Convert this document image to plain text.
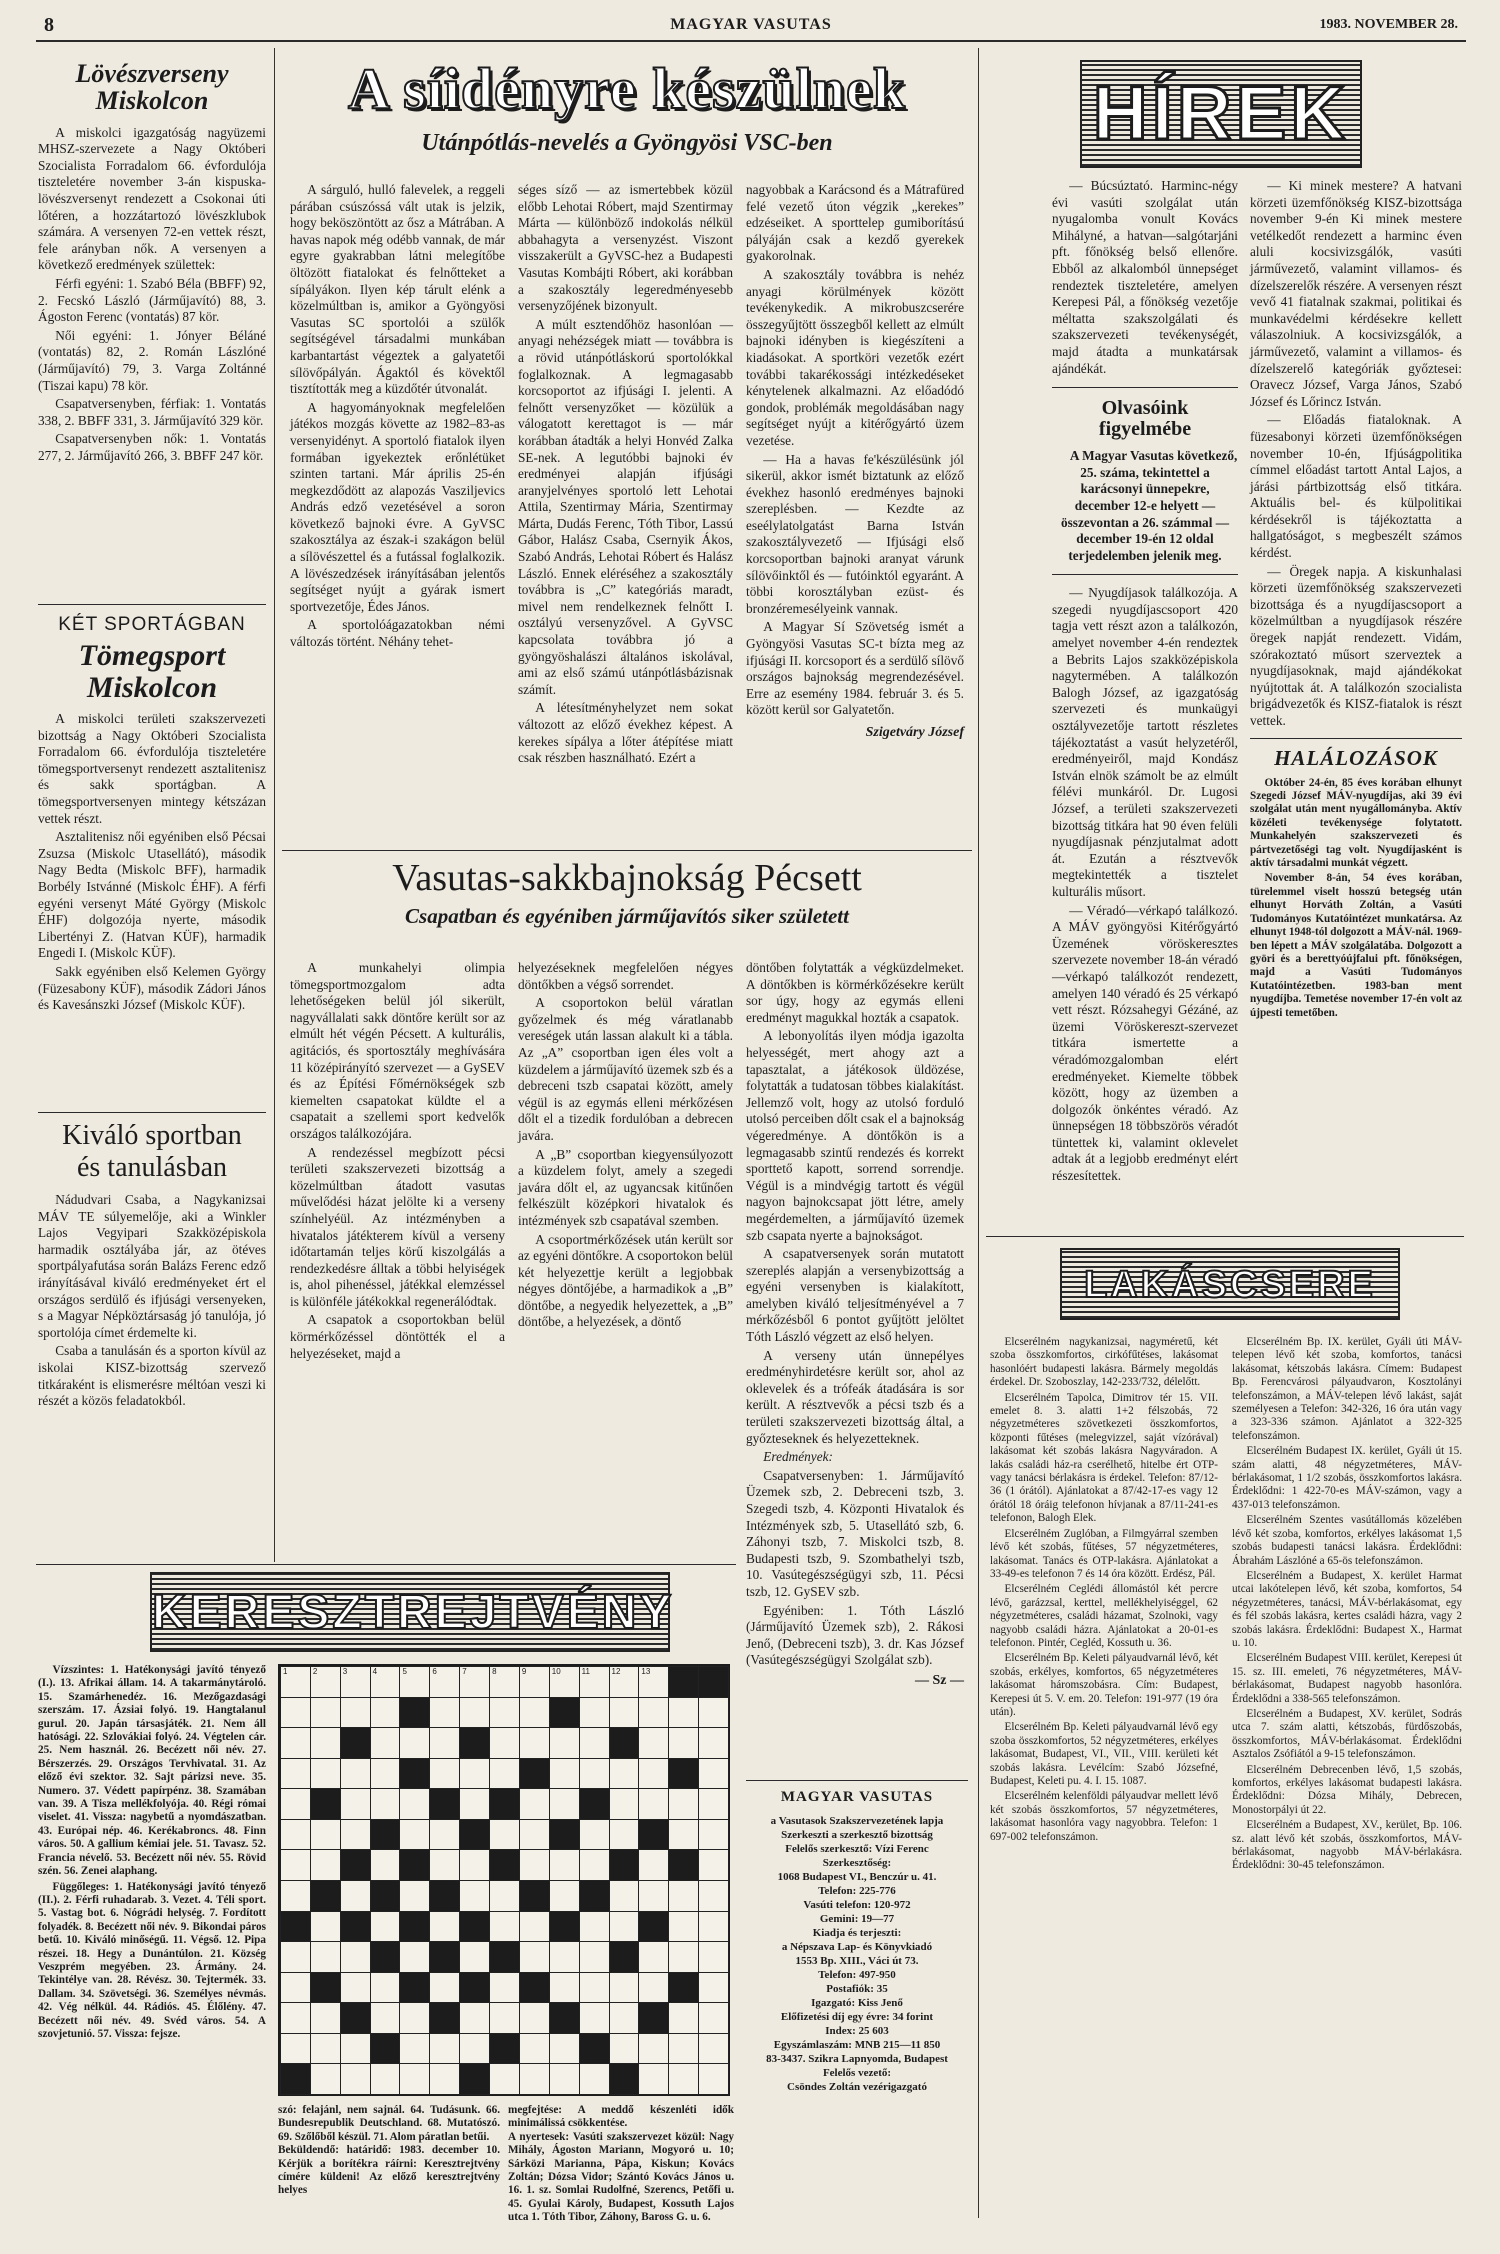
8	MAGYAR VASUTAS	1983. NOVEMBER 28.
Lövészverseny
Miskolcon

A miskolci igazgatóság nagyüzemi MHSZ-szervezete a Nagy Októberi Szocialista Forradalom 66. évfordulója tiszteletére november 3-án kispuska-lövészversenyt rendezett a Csokonai úti lőtéren, a hozzátartozó lövészklubok számára. A versenyen 72-en vettek részt, fele arányban nők. A versenyen a következő eredmények születtek:

Férfi egyéni: 1. Szabó Béla (BBFF) 92, 2. Fecskó László (Járműjavító) 88, 3. Ágoston Ferenc (vontatás) 87 kör.

Női egyéni: 1. Jónyer Béláné (vontatás) 82, 2. Román Lászlóné (Járműjavító) 79, 3. Varga Zoltánné (Tiszai kapu) 78 kör.

Csapatversenyben, férfiak: 1. Vontatás 338, 2. BBFF 331, 3. Járműjavító 329 kör.

Csapatversenyben nők: 1. Vontatás 277, 2. Járműjavító 266, 3. BBFF 247 kör.

KÉT SPORTÁGBAN
Tömegsport
Miskolcon

A miskolci területi szakszervezeti bizottság a Nagy Októberi Szocialista Forradalom 66. évfordulója tiszteletére tömegsportversenyt rendezett asztalitenisz és sakk sportágban. A tömegsportversenyen mintegy kétszázan vettek részt.

Asztalitenisz női egyéniben első Pécsai Zsuzsa (Miskolc Utasellátó), második Nagy Bedta (Miskolc BFF), harmadik Borbély Istvánné (Miskolc ÉHF). A férfi egyéni versenyt Máté György (Miskolc ÉHF) dolgozója nyerte, második Libertényi Z. (Hatvan KÜF), harmadik Engedi I. (Miskolc KÜF).

Sakk egyéniben első Kelemen György (Füzesabony KÜF), második Zádori János és Kavesánszki József (Miskolc KÜF).

Kiváló sportban
és tanulásban

Nádudvari Csaba, a Nagykanizsai MÁV TE súlyemelője, aki a Winkler Lajos Vegyipari Szakközépiskola harmadik osztályába jár, az ötéves sportpályafutása során Balázs Ferenc edző irányításával kiváló eredményeket ért el országos serdülő és ifjúsági versenyeken, s a Magyar Népköztársaság jó tanulója, jó sportolója címet érdemelte ki.

Csaba a tanulásán és a sporton kívül az iskolai KISZ-bizottság szervező titkáraként is elismerésre méltóan veszi ki részét a közös feladatokból.

A síidényre készülnek
Utánpótlás-nevelés a Gyöngyösi VSC-ben

A sárguló, hulló falevelek, a reggeli párában csúszóssá vált utak is jelzik, hogy beköszöntött az ősz a Mátrában. A havas napok még odébb vannak, de már egyre gyakrabban látni melegítőbe öltözött fiatalokat és felnőtteket a sípályákon. Ilyen kép tárult elénk a közelmúltban is, amikor a Gyöngyösi Vasutas SC sportolói a szülők segítségével társadalmi munkában karbantartást végeztek a galyatetői sílövőpályán. Ágaktól és kövektől tisztították meg a küzdőtér útvonalát.

A hagyományoknak megfelelően játékos mozgás követte az 1982–83-as versenyidényt. A sportoló fiatalok ilyen formában igyekeztek erőnlétüket szinten tartani. Már április 25-én megkezdődött az alapozás Vasziljevics András edző vezetésével a soron következő bajnoki évre. A GyVSC szakosztálya az észak-i szakágon belül a sílövészettel és a futással foglalkozik. A lövészedzések irányításában jelentős segítséget nyújt a gyárak ismert sportvezetője, Édes János.

A sportolóágazatokban némi változás történt. Néhány tehet-

séges síző — az ismertebbek közül előbb Lehotai Róbert, majd Szentirmay Márta — különböző indokolás nélkül abbahagyta a versenyzést. Viszont visszakerült a GyVSC-hez a Budapesti Vasutas Kombájti Róbert, aki korábban a szakosztály legeredményesebb versenyzőjének bizonyult.

A múlt esztendőhöz hasonlóan — anyagi nehézségek miatt — továbbra is a rövid utánpótláskorú sportolókkal foglalkoznak. A legmagasabb korcsoportot az ifjúsági I. jelenti. A felnőtt versenyzőket — közülük a válogatott kerettagot is — már korábban átadták a helyi Honvéd Zalka SE-nek. A legutóbbi bajnoki év eredményei alapján ifjúsági aranyjelvényes sportoló lett Lehotai Attila, Szentirmay Mária, Szentirmay Márta, Dudás Ferenc, Tóth Tibor, Lassú Gábor, Halász Csaba, Csernyik Ákos, Szabó András, Lehotai Róbert és Halász László. Ennek eléréséhez a szakosztály továbbra is „C” kategóriás maradt, mivel nem rendelkeznek felnőtt I. osztályú versenyzővel. A GyVSC kapcsolata továbbra jó a gyöngyöshalászi általános iskolával, ami az első számú utánpótlásbázisnak számít.

A létesítményhelyzet nem sokat változott az előző évekhez képest. A kerekes sípálya a lőter átépítése miatt csak részben használható. Ezért a

nagyobbak a Karácsond és a Mátrafüred felé vezető úton végzik „kerekes” edzéseiket. A sportteleр gumiborítású pályáján csak a kezdő gyerekek gyakorolnak.

A szakosztály továbbra is nehéz anyagi körülmények között tevékenykedik. A mikrobuszcserére összegyűjtött összegből kellett az elmúlt bajnoki idényben is kiegészíteni a kiadásokat. A sportköri vezetők ezért további takarékossági intézkedéseket kénytelenek alkalmazni. Az előadódó gondok, problémák megoldásában nagy segítséget nyújt a kitérőgyártó üzem vezetése.

— Ha a havas fe'készülésünk jól sikerül, akkor ismét biztatunk az előző évekhez hasonló eredményes bajnoki szereplésben. — Kezdte az eseélylatolgatást Barna István szakosztályvezető — Ifjúsági első korcsoportban bajnoki aranyat várunk sílövőinktől és — futóinktól egyaránt. A többi korosztályban ezüst- és bronzéremesélyeink vannak.

A Magyar Sí Szövetség ismét a Gyöngyösi Vasutas SC-t bízta meg az ifjúsági II. korcsoport és a serdülő sílövő országos bajnokság megrendezésével. Erre az esemény 1984. február 3. és 5. között kerül sor Galyatetőn.

Szigetváry József
Vasutas-sakkbajnokság Pécsett
Csapatban és egyéniben járműjavítós siker született

A munkahelyi olimpia tömegsportmozgalom adta lehetőségeken belül jól sikerült, nagyvállalati sakk döntőre került sor az elmúlt hét végén Pécsett. A kulturális, agitációs, és sportosztály meghívására 11 középirányító szervezet — a GySEV és az Építési Főmérnökségek szb kiemelten csapatokat küldte el a csapatait a szellemi sport kedvelők országos találkozójára.

A rendezéssel megbízott pécsi területi szakszervezeti bizottság a közelmúltban átadott vasutas művelődési házat jelölte ki a verseny színhelyéül. Az intézményben a hivatalos játékterem kívül a verseny időtartamán teljes körű kiszolgálás a rendezkedésre álltak a többi helyiségek is, ahol pihenéssel, játékkal elemzéssel is különféle játékokkal regenerálódtak.

A csapatok a csoportokban belül körmérkőzéssel döntötték el a helyezéseket, majd a

helyezéseknek megfelelően négyes döntőkben a végső sorrendet.

A csoportokon belül váratlan győzelmek és még váratlanabb vereségek után lassan alakult ki a tábla. Az „A” csoportban igen éles volt a küzdelem a járműjavító üzemek szb és a debreceni tszb csapatai között, amely végül is az egymás elleni mérkőzésen dőlt el a tizedik fordulóban a debrecen javára.

A „B” csoportban kiegyensúlyozott a küzdelem folyt, amely a szegedi javára dőlt el, az ugyancsak kitűnően felkészült középkori hivatalok és intézmények szb csapatával szemben.

A csoportmérkőzések után került sor az egyéni döntőkre. A csoportokon belül két helyezettje került a legjobbak négyes döntőjébe, a harmadikok a „B” döntőbe, a negyedik helyezettek, a „B” döntőbe, a helyezések, a döntő

döntőben folytatták a végküzdelmeket. A döntőkben is körmérkőzésekre került sor úgy, hogy az egymás elleni eredményt magukkal hozták a csapatok.

A lebonyolítás ilyen módja igazolta helyességét, mert ahogy azt a tapasztalat, a játékosok üldözése, folytatták a tudatosan többes kialakítást. Jellemző volt, hogy az utolsó forduló utolsó perceiben dőlt csak el a bajnokság végeredménye. A döntőkön is a legmagasabb szintű rendezés és korrekt sporttető kapott, sorrend sorrendje. Végül is a mindvégig tartott és végül nagyon bajnokcsapat jött létre, amely megérdemelten, a járműjavító üzemek szb csapata nyerte a bajnokságot.

A csapatversenyek során mutatott szereplés alapján a versenybizottság a egyéni versenyben is kialakított, amelyben kiváló teljesítményével a 7 mérkőzésből 6 pontot gyűjtött jelöltet Tóth László végzett az első helyen.

A verseny után ünnepélyes eredményhirdetésre került sor, ahol az oklevelek és a trófeák átadására is sor került. A résztvevők a pécsi tszb és a területi szakszervezeti bizottság által, a győzteseknek és helyezetteknek.

Eredmények:

Csapatversenyben: 1. Járműjavító Üzemek szb, 2. Debreceni tszb, 3. Szegedi tszb, 4. Központi Hivatalok és Intézmények szb, 5. Utasellátó szb, 6. Záhonyi tszb, 7. Miskolci tszb, 8. Budapesti tszb, 9. Szombathelyi tszb, 10. Vasútegészségügyi szb, 11. Pécsi tszb, 12. GySEV szb.

Egyéniben: 1. Tóth László (Járműjavító Üzemek szb), 2. Rákosi Jenő, (Debreceni tszb), 3. dr. Kas József (Vasútegészségügyi Szolgálat szb).

— Sz —
HÍREK

— Búcsúztató. Harminc-négy évi vasúti szolgálat után nyugalomba vonult Kovács Mihályné, a hatvan—salgótarjáni pft. főnökség belső ellenőre. Ebből az alkalomból ünnepséget rendeztek tiszteletére, amelyen Kerepesi Pál, a főnökség vezetője méltatta szakszolgálati és szakszervezeti tevékenységét, majd átadta a munkatársak ajándékát.

Olvasóink
figyelmébe

A Magyar Vasutas következő, 25. száma, tekintettel a karácsonyi ünnepekre, december 12-e helyett — összevontan a 26. számmal — december 19-én 12 oldal terjedelemben jelenik meg.

— Nyugdíjasok találkozója. A szegedi nyugdíjascsoport 420 tagja vett részt azon a találkozón, amelyet november 4-én rendeztek a Bebrits Lajos szakközépiskola nagytermében. A találkozón Balogh József, az igazgatóság szervezeti és munkaügyi osztályvezetője tartott részletes tájékoztatást a vasút helyzetéről, eredményeiről, majd Kondász István elnök számolt be az elmúlt félévi munkáról. Dr. Lugosi József, a területi szakszervezeti bizottság titkára hat 90 éven felüli nyugdíjasnak pénzjutalmat adott át. Ezután a résztvevők megtekintették a tisztelet kulturális műsort.

— Véradó—vérkapó találkozó. A MÁV gyöngyösi Kitérőgyártó Üzemének vöröskeresztes szervezete november 18-án véradó—vérkapó találkozót rendezett, amelyen 140 véradó és 25 vérkapó vett részt. Rózsahegyi Gézáné, az üzemi Vöröskereszt-szervezet titkára ismertette a véradómozgalomban elért eredményeket. Kiemelte többek között, hogy az üzemben a dolgozók önkéntes véradó. Az ünnepségen 18 többszörös véradót tüntettek ki, valamint oklevelet adtak át a legjobb eredményt elért részesítettek.

— Ki minek mestere? A hatvani körzeti üzemfőnökség KISZ-bizottsága november 9-én Ki minek mestere vetélkedőt rendezett a harminc éven aluli kocsivizsgálók, vasúti járművezető, valamint villamos- és dízelszerelők részére. A versenyen részt vevő 41 fiatalnak szakmai, politikai és munkavédelmi kérdésekre kellett válaszolniuk. A kocsivizsgálók, a járművezető, valamint a villamos- és dízelszerelő kategóriák győztesei: Oravecz József, Varga János, Szabó József és Lőrincz István.

— Előadás fiataloknak. A füzesabonyi körzeti üzemfőnökségen november 10-én, Ifjúságpolitika címmel előadást tartott Antal Lajos, a járási pártbizottság első titkára. Aktuális bel- és külpolitikai kérdésekről is tájékoztatta a hallgatóságot, s megbeszélt számos kérdést.

— Öregek napja. A kiskunhalasi körzeti üzemfőnökség szakszervezeti bizottsága és a nyugdíjascsoport a közelmúltban a nyugdíjasok részére öregek napját rendezett. Vidám, szórakoztató műsort szerveztek a nyugdíjasoknak, majd ajándékokat nyújtottak át. A találkozón szocialista brigádvezetők és KISZ-fiatalok is részt vettek.

HALÁLOZÁSOK

Október 24-én, 85 éves korában elhunyt Szegedi József MÁV-nyugdíjas, aki 39 évi szolgálat után ment nyugállományba. Aktív közéleti tevékenysége folytatott. Munkahelyén szakszervezeti és pártvezetőségi tag volt. Nyugdíjasként is aktív társadalmi munkát végzett.

November 8-án, 54 éves korában, türelemmel viselt hosszú betegség után elhunyt Horváth Zoltán, a Vasúti Tudományos Kutatóintézet munkatársa. Az elhunyt 1948-tól dolgozott a MÁV-nál. 1969-ben lépett a MÁV szolgálatába. Dolgozott a györi és a berettyóújfalui pft. főnökségen, majd a Vasúti Tudományos Kutatóintézetben. 1983-ban ment nyugdíjba. Temetése november 17-én volt az újpesti temetőben.

LAKÁSCSERE

Elcserélném nagykanizsai, nagyméretű, két szoba összkomfortos, cirkófűtéses, lakásomat hasonlóért budapesti lakásra. Bármely megoldás érdekel. Dr. Szoboszlay, 142-233/732, délelőtt.

Elcserélném Tapolca, Dimitrov tér 15. VII. emelet 8. 3. alatti 1+2 félszobás, 72 négyzetméteres szövetkezeti összkomfortos, központi fűtéses (melegvizzel, saját vízórával) lakásomat két szobás lakásra Nagyváradon. A lakás családi ház-ra cserélhető, hitelbe ért OTP- vagy tanácsi bérlakásra is érdekel. Telefon: 87/12-36 (1 órától). Ajánlatokat a 87/42-17-es vagy 12 órától 18 óráig telefonon hívjanak a 87/11-241-es telefonon, Balogh Elek.

Elcserélném Zuglóban, a Filmgyárral szemben lévő két szobás, fűtéses, 57 négyzetméteres, lakásomat. Tanács és OTP-lakásra. Ajánlatokat a 33-49-es telefonon 7 és 14 óra között. Erdész, Pál.

Elcserélném Ceglédi állomástól két percre lévő, garázzsal, kerttel, mellékhelyiséggel, 62 négyzetméteres, családi házamat, Szolnoki, vagy nagyobb családi házra. Ajánlatokat a 20-01-es telefonon. Pintér, Cegléd, Kossuth u. 36.

Elcserélném Bp. Keleti pályaudvarnál lévő, két szobás, erkélyes, komfortos, 65 négyzetméteres lakásomat háromszobásra. Cím: Budapest, Kerepesi út 5. V. em. 20. Telefon: 191-977 (19 óra után).

Elcserélném Bp. Keleti pályaudvarnál lévő egy szoba összkomfortos, 52 négyzetméteres, erkélyes lakásomat, Budapest, VI., VII., VIII. kerületi két szobás lakásra. Levélcím: Szabó Józsefné, Budapest, Keleti pu. 4. I. 15. 1087.

Elcserélném kelenföldi pályaudvar mellett lévő két szobás összkomfortos, 57 négyzetméteres, lakásomat hasonlóra vagy nagyobbra. Telefon: 1 697-002 telefonszámon.

Elcserélném Bp. IX. kerület, Gyáli úti MÁV-telepen lévő két szoba, komfortos, tanácsi lakásomat, kétszobás lakásra. Címem: Budapest Bp. Ferencvárosi pályaudvaron, Kosztolányi telefonszámon, a MÁV-telepen lévő lakást, saját személyesen a Telefon: 342-326, 16 óra után vagy a 323-336 számon. Ajánlatot a 322-325 telefonszámon.

Elcserélném Budapest IX. kerület, Gyáli út 15. szám alatti, 48 négyzetméteres, MÁV-bérlakásomat, 1 1/2 szobás, összkomfortos lakásra. Érdeklődni: 1 422-70-es MÁV-számon, vagy a 437-013 telefonszámon.

Elcserélném Szentes vasútállomás közelében lévő két szoba, komfortos, erkélyes lakásomat 1,5 szobás budapesti tanácsi lakásra. Érdeklődni: Ábrahám Lászlóné a 65-ös telefonszámon.

Elcserélném a Budapest, X. kerület Harmat utcai lakótelepen lévő, két szoba, komfortos, 54 négyzetméteres, tanácsi, MÁV-bérlakásomat, egy és fél szobás lakásra, kertes családi házra, vagy 2 szobás lakásra. Érdeklődni: Budapest X., Harmat u. 10.

Elcserélném Budapest VIII. kerület, Kerepesi út 15. sz. III. emeleti, 76 négyzetméteres, MÁV-bérlakásomat, Budapest nagyobb hasonlóra. Érdeklődni a 338-565 telefonszámon.

Elcserélném a Budapest, XV. kerület, Sodrás utca 7. szám alatti, kétszobás, fürdőszobás, összkomfortos, MÁV-bérlakásomat. Érdeklődni Asztalos Zsófiától a 9-15 telefonszámon.

Elcserélném Debrecenben lévő, 1,5 szobás, komfortos, erkélyes lakásomat budapesti lakásra. Érdeklődni: Dózsa Mihály, Debrecen, Monostorpályi út 22.

Elcserélném a Budapest, XV., kerület, Bp. 106. sz. alatt lévő két szobás, összkomfortos, MÁV-bérlakásomat, nagyobb MÁV-bérlakásra. Érdeklődni: 30-45 telefonszámon.

MAGYAR VASUTAS
a Vasutasok Szakszervezetének lapja
Szerkeszti a szerkesztő bizottság
Felelős szerkesztő: Vízi Ferenc
Szerkesztőség:
1068 Budapest VI., Benczúr u. 41.
Telefon: 225-776
Vasúti telefon: 120-972
Gemini: 19—77
Kiadja és terjeszti:
a Népszava Lap- és Könyvkiadó
1553 Bp. XIII., Váci út 73.
Telefon: 497-950
Postafiók: 35
Igazgató: Kiss Jenő
Előfizetési díj egy évre: 34 forint
Index: 25 603
Egyszámlaszám: MNB 215—11 850
83-3437. Szikra Lapnyomda, Budapest
Felelős vezető:
Csöndes Zoltán vezérigazgató
KERESZTREJTVÉNY

Vízszintes: 1. Hatékonysági javító tényező (I.). 13. Afrikai állam. 14. A takarmánytároló. 15. Szamárhenedéz. 16. Mezőgazdasági szerszám. 17. Ázsiai folyó. 19. Hangtalanul gurul. 20. Japán társasjáték. 21. Nem áll hatósági. 22. Szlovákiai folyó. 24. Végtelen cár. 25. Nem használ. 26. Becézett női név. 27. Bérszerzés. 29. Országos Tervhivatal. 31. Az előző évi szektor. 32. Sajt párizsi neve. 35. Numero. 37. Védett papírpénz. 38. Szamában van. 39. A Tisza mellékfolyója. 40. Régi római viselet. 41. Vissza: nagybetű a nyomdászatban. 43. Európai nép. 46. Kerékabroncs. 48. Finn város. 50. A gallium kémiai jele. 51. Tavasz. 52. Francia névelő. 53. Becézett női név. 55. Rövid szén. 56. Zenei alaphang.

Függőleges: 1. Hatékonysági javító tényező (II.). 2. Férfi ruhadarab. 3. Vezet. 4. Téli sport. 5. Vastag bot. 6. Nógrádi helység. 7. Fordított folyadék. 8. Becézett női név. 9. Bikondai páros betű. 10. Kiváló minőségű. 11. Végső. 12. Pipa részei. 18. Hegy a Dunántúlon. 21. Község Veszprém megyében. 23. Ármány. 24. Tekintélye van. 28. Révész. 30. Tejtermék. 33. Dallam. 34. Szövetségi. 36. Személyes névmás. 42. Vég nélkül. 44. Rádiós. 45. Élőlény. 47. Becézett női név. 49. Svéd város. 54. A szovjetunió. 57. Vissza: fejsze.

1	2	3	4	5	6	7	8	9	10	11	12	13

szó: felajánl, nem sajnál. 64. Tudásunk. 66. Bundesrepublik Deutschland. 68. Mutatószó. 69. Szőlőből készül. 71. Alom páratlan betűi.
Beküldendő: határidő: 1983. december 10. Kérjük a borítékra ráírni: Keresztrejtvény címére küldeni! Az előző keresztrejtvény helyes

megfejtése: A meddő készenléti idők minimálissá csökkentése.
A nyertesek: Vasúti szakszervezet közül: Nagy Mihály, Ágoston Mariann, Mogyoró u. 10; Sárközi Marianna, Pápa, Kiskun; Kovács Zoltán; Dózsa Vidor; Szántó Kovács János u. 16. 1. sz. Somlai Rudolfné, Szerencs, Petőfi u. 45. Gyulai Károly, Budapest, Kossuth Lajos utca 1. Tóth Tibor, Záhony, Baross G. u. 6.
